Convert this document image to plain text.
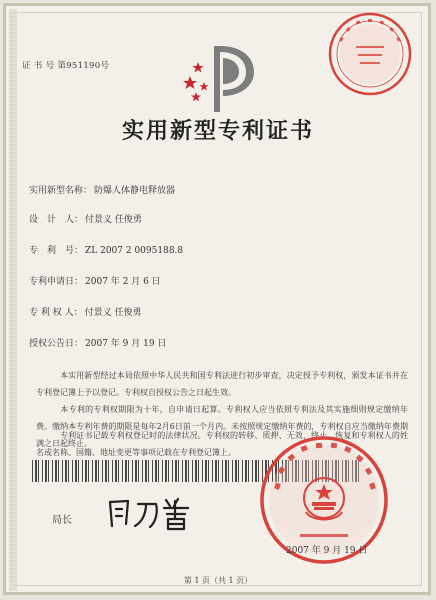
证 书 号 第951190号
实用新型专利证书
实用新型名称： 防爆人体静电释放器
设　计　人： 付景义 任俊勇
专　利　号： ZL 2007 2 0095188.8
专利申请日： 2007 年 2 月 6 日
专 利 权 人： 付景义 任俊勇
授权公告日： 2007 年 9 月 19 日
本实用新型经过本局依照中华人民共和国专利法进行初步审查，决定授予专利权，颁发本证书并在专利登记簿上予以登记。专利权自授权公告之日起生效。
本专利的专利权期限为十年，自申请日起算。专利权人应当依照专利法及其实施细则规定缴纳年费。缴纳本专利年费的期限是每年2月6日前一个月内。未按照规定缴纳年费的，专利权自应当缴纳年费期满之日起终止。
专利证书记载专利权登记时的法律状况。专利权的转移、质押、无效、终止、恢复和专利权人的姓名或名称、国籍、地址变更等事项记载在专利登记簿上。
局长
2007 年 9 月 19 日
第 1 页（共 1 页）
